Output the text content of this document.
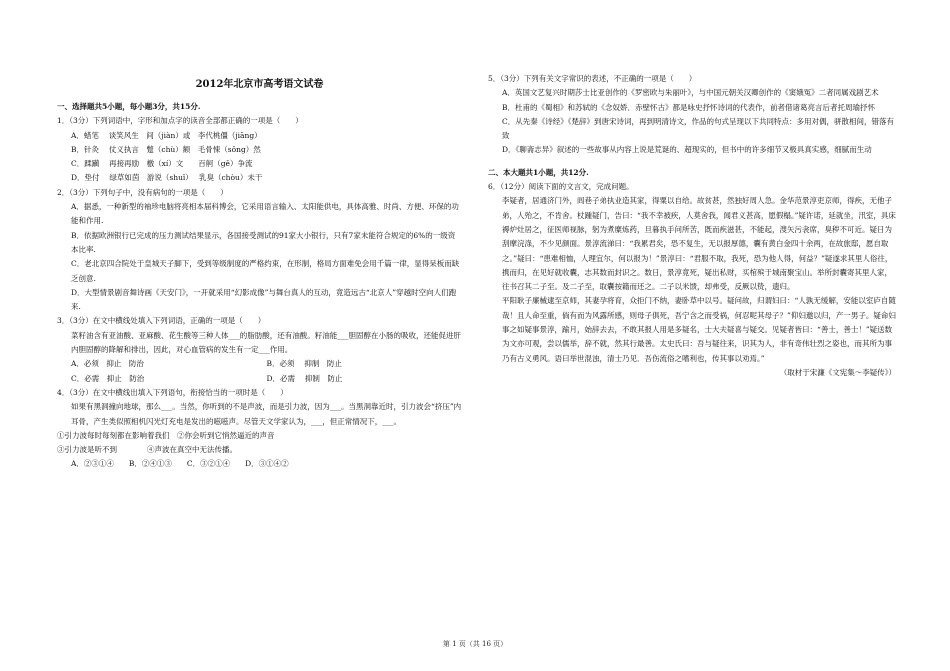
2012年北京市高考语文试卷
一、选择题共5小题，每小题3分，共15分.
1．（3分）下列词语中，字形和加点字的读音全部都正确的一项是（　　）
A．蜡笔　 谈笑风生　间（jiàn）或　李代桃僵（jiāng）
B．针灸　 仗义执言　蹩（chù）额　毛骨悚（sǒng）然
C．蹂躏　 再接再励　檄（xí）文　　百舸（gě）争流
D．垫付　 绿草如茵　游说（shuǐ）　 乳臭（chòu）未干
2．（3分）下列句子中，没有病句的一项是（　　）
A．据悉，一种新型的袖珍电脑将亮相本届科博会，它采用语言输入、太阳能供电，具体高雅、时尚、方便、环保的功能和作用.
B．依据欧洲银行已完成的压力测试结果显示，各国接受测试的91家大小银行，只有7家未能符合规定的6%的一级资本比率.
C．老北京四合院处于皇城天子脚下，受到等级制度的严格约束，在形制，格局方面难免会用千篇一律，显得呆板而缺乏创意.
D．大型情景剧音舞诗画《天安门》，一开就采用“幻影成像”与舞台真人的互动，竟造远古“北京人”穿越时空向人们跑来.
3．（3分）在文中横线处填入下列词语，正确的一项是（　　）
菜籽油含有亚油酸、亚麻酸、花生酸等三种人体___的脂肪酸，还有油酸。籽油能___胆固醇在小肠的吸收，还能促进肝内胆固醇的降解和排出，因此，对心血管病的发生有一定___作用。
A．必须　抑止　防治	B．必须　 抑制　防止
C．必需　抑止　防治	D．必需　 抑制　防止
4．（3分）在文中横线出填入下列语句，衔接恰当的一项时是（　　）
如果有黑洞撞向地球，那么___。当然，你听到的不是声波，而是引力波，因为___。当黑洞靠近时，引力波会“挤压”内耳骨，产生类似照相机闪光灯充电是发出的嗞嗞声。尽管天文学家认为，___，但正常情况下，___。
①引力波每时每刻都在影响着我们　②你会听到它悄然逼近的声音
③引力波是听不到　　　　④声波在真空中无法传播。
A．②③①④　　B．②④①③　　C．③②①④　　D．③①④②
5．（3分）下列有关文字常识的表述，不正确的一项是（　　）
A．英国文艺复兴时期莎士比亚创作的《罗密欧与朱丽叶》，与中国元朝关汉卿创作的《窦娥冤》二者同属戏剧艺术
B．杜甫的《蜀相》和苏轼的《念奴娇．赤壁怀古》都是咏史抒怀诗词的代表作，前者借诸葛亮言后者托周瑜抒怀
C．从先秦《诗经》《楚辞》到唐宋诗词，再到明清诗文，作品的句式呈现以下共同特点：多用对偶，骈散相间，错落有致
D．《聊斋志异》叙述的一些故事从内容上说是荒诞的、超现实的，但书中的许多细节又极具真实感，细腻而生动
二、本大题共1小题，共12分.
6．（12分）阅读下面的文言文，完成问题。
李疑者，居通济门外，闾巷子弟执业造其家，得粟以自给。故贫甚，然独好周人急。金华范景淳吏京师，得疾，无他子弟，人殆之，不肯舍。杖踵疑门，告曰：“我不幸被疾，人莫舍我，闻君义甚高，愿假榻。”疑许诺，延就坐，汛室，具床褥炉灶居之，征医师视脉，躬为煮糜炼药，旦暮执手问所苦，既而疾滋甚，不能起，溲矢污衾席，臭秽不可近。疑日为刮摩浣涤，不少见颜面。景淳流涕曰：“我累君矣，恐不复生，无以报厚德，囊有黄白金四十余两，在故旅邸，愿自取之。”疑曰：“患难相恤，人理宜尔，何以报为！”景淳曰：“君服不取，我死，恐为他人得，何益？”疑遂求其里人俗往，携而归，在见好就收囊，志其数而封识之。数日，景淳竟死，疑出私财，买棺殡于城南聚宝山。举所封囊寄其里人家，往书召其二子至。及二子至，取囊按籍而还之。二子以米馈，却弗受，反厥以贽，遗归。
平阳耿子廉械逮至京师，其妻孕将育，众拒门不纳，妻卧草中以号。疑问故，归谓妇曰：“人孰无缓解，安能以室庐自随哉！且人命至重，倘有而为风露所感，则母子俱死，吾宁含之而受祸，何忍呢其母子？”仰妇邀以归，产一男子。疑命妇事之如疑事景淳，踰月，始辞去去，不敢其报人用是多疑名，士大夫疑喜与疑交。见疑者皆曰：“善士，善士！”疑送数为文亦可观，尝以儒举，辞不就，然其行最善。太史氏曰：吾与疑往来，识其为人，非有奇伟壮烈之姿也，而其所为事乃有古义勇风。语曰举世混浊，清士乃见．吾伤流俗之嗜利也，传其事以劝焉。”
（取材于宋濂《文宪集～李疑传》）
第 1 页（共 16 页）
